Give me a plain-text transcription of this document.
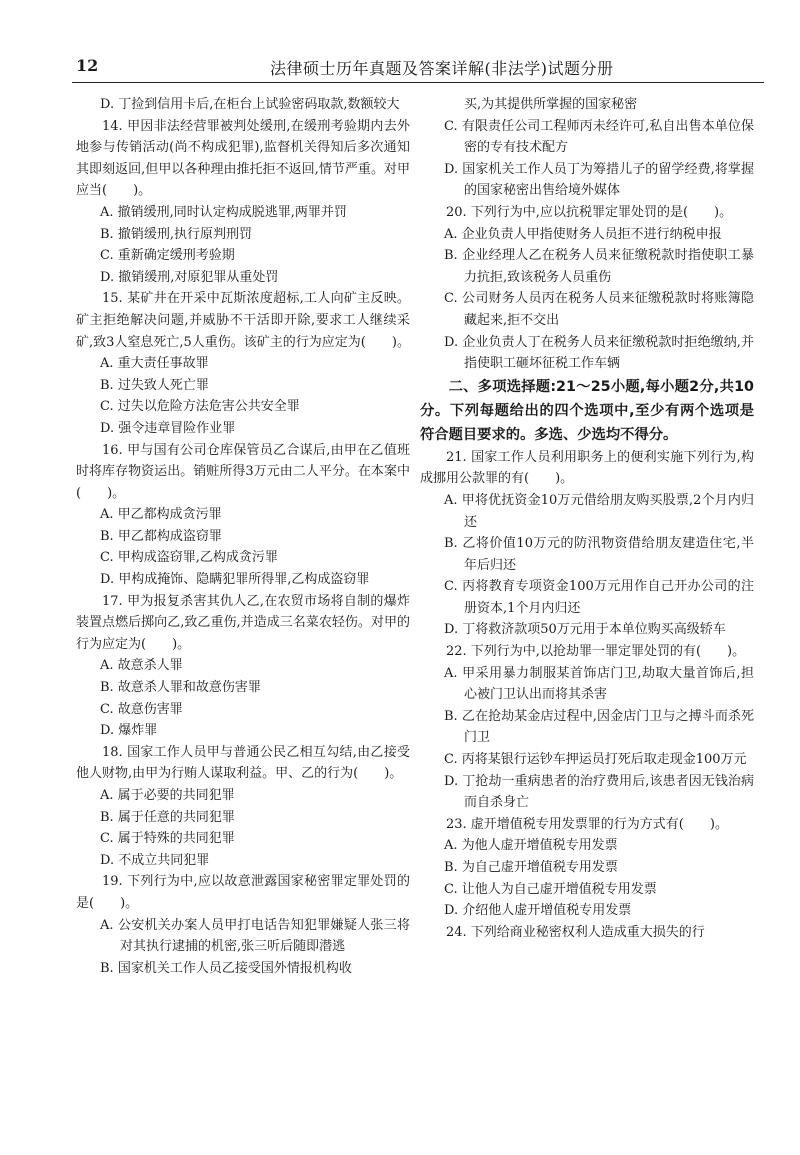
12	法律硕士历年真题及答案详解(非法学)试题分册

D. 丁捡到信用卡后,在柜台上试验密码取款,数额较大

14. 甲因非法经营罪被判处缓刑,在缓刑考验期内去外地参与传销活动(尚不构成犯罪),监督机关得知后多次通知其即刻返回,但甲以各种理由推托拒不返回,情节严重。对甲应当(　　)。

A. 撤销缓刑,同时认定构成脱逃罪,两罪并罚

B. 撤销缓刑,执行原判刑罚

C. 重新确定缓刑考验期

D. 撤销缓刑,对原犯罪从重处罚

15. 某矿井在开采中瓦斯浓度超标,工人向矿主反映。矿主拒绝解决问题,并威胁不干活即开除,要求工人继续采矿,致3人窒息死亡,5人重伤。该矿主的行为应定为(　　)。

A. 重大责任事故罪

B. 过失致人死亡罪

C. 过失以危险方法危害公共安全罪

D. 强令违章冒险作业罪

16. 甲与国有公司仓库保管员乙合谋后,由甲在乙值班时将库存物资运出。销赃所得3万元由二人平分。在本案中(　　)。

A. 甲乙都构成贪污罪

B. 甲乙都构成盗窃罪

C. 甲构成盗窃罪,乙构成贪污罪

D. 甲构成掩饰、隐瞒犯罪所得罪,乙构成盗窃罪

17. 甲为报复杀害其仇人乙,在农贸市场将自制的爆炸装置点燃后掷向乙,致乙重伤,并造成三名菜农轻伤。对甲的行为应定为(　　)。

A. 故意杀人罪

B. 故意杀人罪和故意伤害罪

C. 故意伤害罪

D. 爆炸罪

18. 国家工作人员甲与普通公民乙相互勾结,由乙接受他人财物,由甲为行贿人谋取利益。甲、乙的行为(　　)。

A. 属于必要的共同犯罪

B. 属于任意的共同犯罪

C. 属于特殊的共同犯罪

D. 不成立共同犯罪

19. 下列行为中,应以故意泄露国家秘密罪定罪处罚的是(　　)。

A. 公安机关办案人员甲打电话告知犯罪嫌疑人张三将对其执行逮捕的机密,张三听后随即潜逃

B. 国家机关工作人员乙接受国外情报机构收

买,为其提供所掌握的国家秘密

C. 有限责任公司工程师丙未经许可,私自出售本单位保密的专有技术配方

D. 国家机关工作人员丁为筹措儿子的留学经费,将掌握的国家秘密出售给境外媒体

20. 下列行为中,应以抗税罪定罪处罚的是(　　)。

A. 企业负责人甲指使财务人员拒不进行纳税申报

B. 企业经理人乙在税务人员来征缴税款时指使职工暴力抗拒,致该税务人员重伤

C. 公司财务人员丙在税务人员来征缴税款时将账簿隐藏起来,拒不交出

D. 企业负责人丁在税务人员来征缴税款时拒绝缴纳,并指使职工砸坏征税工作车辆

二、多项选择题:21～25小题,每小题2分,共10分。下列每题给出的四个选项中,至少有两个选项是符合题目要求的。多选、少选均不得分。

21. 国家工作人员利用职务上的便利实施下列行为,构成挪用公款罪的有(　　)。

A. 甲将优抚资金10万元借给朋友购买股票,2个月内归还

B. 乙将价值10万元的防汛物资借给朋友建造住宅,半年后归还

C. 丙将教育专项资金100万元用作自己开办公司的注册资本,1个月内归还

D. 丁将救济款项50万元用于本单位购买高级轿车

22. 下列行为中,以抢劫罪一罪定罪处罚的有(　　)。

A. 甲采用暴力制服某首饰店门卫,劫取大量首饰后,担心被门卫认出而将其杀害

B. 乙在抢劫某金店过程中,因金店门卫与之搏斗而杀死门卫

C. 丙将某银行运钞车押运员打死后取走现金100万元

D. 丁抢劫一重病患者的治疗费用后,该患者因无钱治病而自杀身亡

23. 虚开增值税专用发票罪的行为方式有(　　)。

A. 为他人虚开增值税专用发票

B. 为自己虚开增值税专用发票

C. 让他人为自己虚开增值税专用发票

D. 介绍他人虚开增值税专用发票

24. 下列给商业秘密权利人造成重大损失的行
